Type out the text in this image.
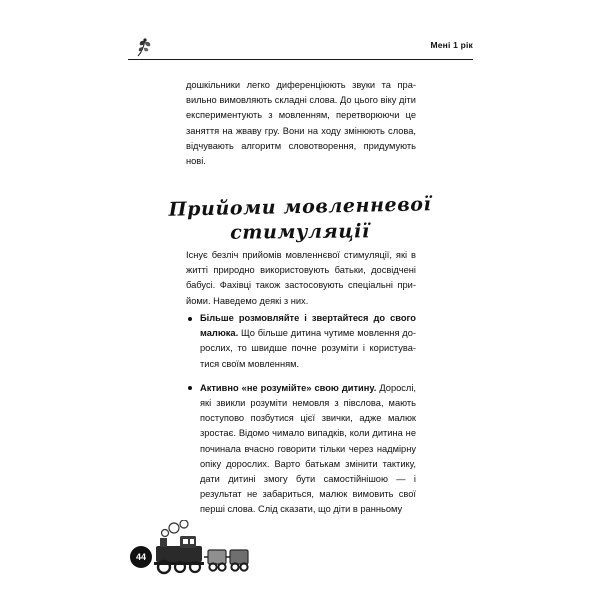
Мені 1 рік

дошкільники легко диференціюють звуки та правильно вимовляють складні слова. До цього віку діти експериментують з мовленням, перетворюючи це заняття на жваву гру. Вони на ходу змінюють слова, відчувають алгоритм словотворення, придумують нові.

Прийоми мовленневої
стимуляції

Існує безліч прийомів мовленнєвої стимуляції, які в житті природно використовують батьки, досвідчені бабусі. Фахівці також застосовують спеціальні прийоми. Наведемо деякі з них.

Більше розмовляйте і звертайтеся до свого малюка. Що більше дитина чутиме мовлення дорослих, то швидше почне розуміти і користуватися своїм мовленням.
Активно «не розумійте» свою дитину. Дорослі, які звикли розуміти немовля з півслова, мають поступово позбутися цієї звички, адже малюк зростає. Відомо чимало випадків, коли дитина не починала вчасно говорити тільки через надмірну опіку дорослих. Варто батькам змінити тактику, дати дитині змогу бути самостійнішою — і результат не забариться, малюк вимовить свої перші слова. Слід сказати, що діти в ранньому
44
